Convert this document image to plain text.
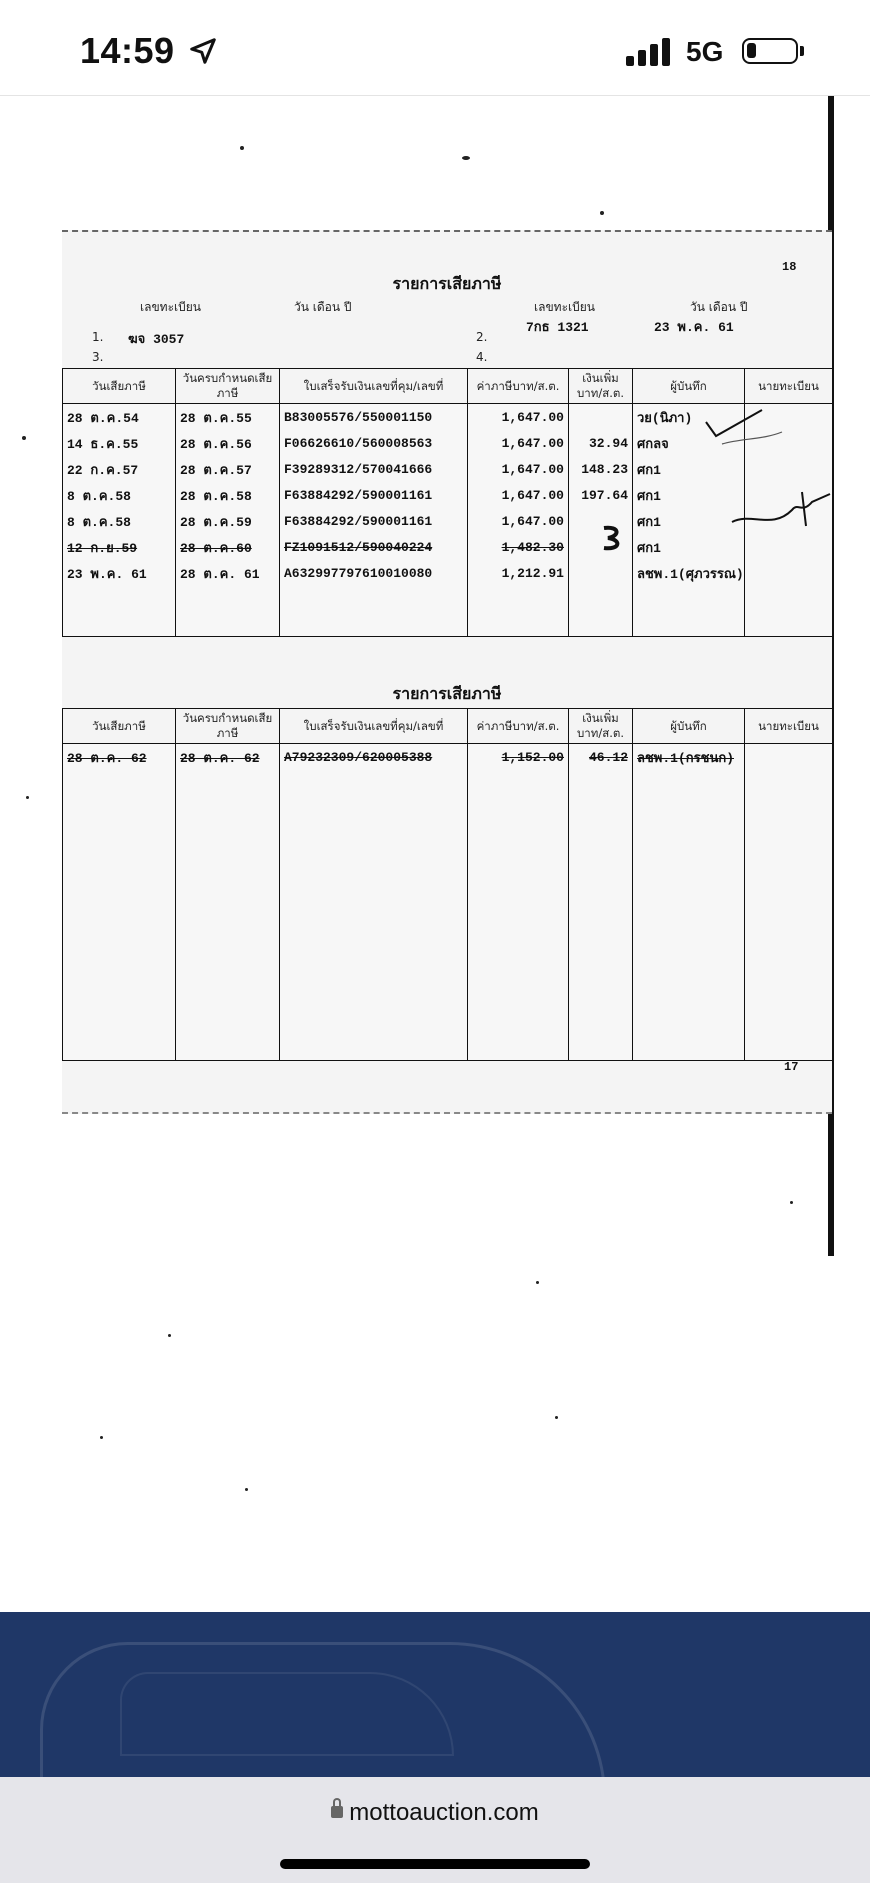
14:59	5G
18
รายการเสียภาษี
เลขทะเบียน	วัน เดือน ปี	เลขทะเบียน	วัน เดือน ปี
1. ฆจ 3057	2.
7กธ 1321	23 พ.ค. 61
3.	4.
วันเสียภาษี	วันครบกำหนดเสียภาษี	ใบเสร็จรับเงินเลขที่คุม/เลขที่	ค่าภาษีบาท/ส.ต.	เงินเพิ่มบาท/ส.ต.	ผู้บันทึก	นายทะเบียน
28 ต.ค.54	28 ต.ค.55	B83005576/550001150	1,647.00		วย(นิภา)	
14 ธ.ค.55	28 ต.ค.56	F06626610/560008563	1,647.00	32.94	ศกลจ	
22 ก.ค.57	28 ต.ค.57	F39289312/570041666	1,647.00	148.23	ศก1	
8 ต.ค.58	28 ต.ค.58	F63884292/590001161	1,647.00	197.64	ศก1	
8 ต.ค.58	28 ต.ค.59	F63884292/590001161	1,647.00		ศก1	
12 ก.ย.59	28 ต.ค.60	FZ1091512/590040224	1,482.30		ศก1	
23 พ.ค. 61	28 ต.ค. 61	A632997797610010080	1,212.91		ลชพ.1(ศุภวรรณ)	

รายการเสียภาษี
วันเสียภาษี	วันครบกำหนดเสียภาษี	ใบเสร็จรับเงินเลขที่คุม/เลขที่	ค่าภาษีบาท/ส.ต.	เงินเพิ่มบาท/ส.ต.	ผู้บันทึก	นายทะเบียน
28 ต.ค. 62	28 ต.ค. 62	A79232309/620005388	1,152.00	46.12	ลชพ.1(กรชนก)	

17
mottoauction.com
